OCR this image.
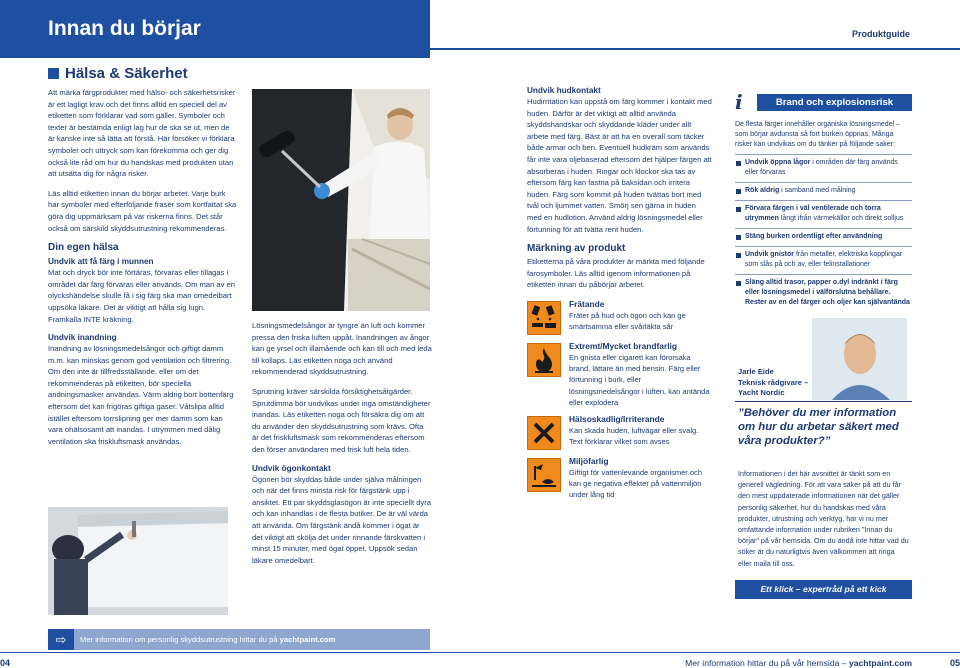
Innan du börjar	Produktguide
Hälsa & Säkerhet

Att märka färgprodukter med hälso- och säkerhetsrisker är ett lagligt krav och det finns alltid en speciell del av etiketten som förklarar vad som gäller. Symboler och texter är bestämda enligt lag hur de ska se ut, men de är kanske inte så lätta att förstå. Här försöker vi förklara symboler och uttryck som kan förekomma och ger dig också lite råd om hur du handskas med produkten utan att utsätta dig för några risker.

Läs alltid etiketten innan du börjar arbetet. Varje burk har symboler med efterföljande fraser som kortfattat ska göra dig uppmärksam på var riskerna finns. Det står också om särskild skyddsutrustning rekommenderas.

Din egen hälsa
Undvik att få färg i munnen

Mat och dryck bör inte förtäras, förvaras eller tillagas i området där färg förvaras eller används. Om man av en olyckshändelse skulle få i sig färg ska man omedelbart uppsöka läkare. Det är viktigt att hålla sig lugn. Framkalla INTE kräkning.

Undvik inandning

Inandning av lösningsmedelsångor och giftigt damm m.m. kan minskas genom god ventilation och filtrering. Om den inte är tillfredsställande, eller om det rekommenderas på etiketten, bör speciella andningsmasker användas. Värm aldrig bort bottenfärg eftersom det kan frigöras giftiga gaser. Våtslipa alltid istället eftersom torrslipning ger mer damm som kan vara ohälsosamt att inandas. I utrymmen med dålig ventilation ska friskluftsmask användas.

Lösningsmedelsångor är tyngre än luft och kommer pressa den friska luften uppåt. Inandningen av ångor kan ge yrsel och illamående och kan till och med leda till kollaps. Läs etiketten noga och använd rekommenderad skyddsutrustning.

Sprutning kräver särskilda försiktighetsåtgärder. Sprutdimma bör undvikas under inga omständigheter inandas. Läs etiketten noga och försäkra dig om att du använder den skyddsutrustning som krävs. Ofta är det friskluftsmask som rekommenderas eftersom den förser användaren med frisk luft hela tiden.

Undvik ögonkontakt

Ögonen bör skyddas både under själva målningen och när det finns minsta risk för färgstänk upp i ansiktet. Ett par skyddsglasögon är inte speciellt dyra och kan inhandlas i de flesta butiker. De är väl värda att använda. Om färgstänk ändå kommer i ögat är det viktigt att skölja det under rinnande färskvatten i minst 15 minuter, med ögat öppet. Uppsök sedan läkare omedelbart.

Undvik hudkontakt

Hudirritation kan uppstå om färg kommer i kontakt med huden. Därför är det viktigt att alltid använda skyddshandskar och skyddande kläder under allt arbete med färg. Bäst är att ha en overall som täcker både armar och ben. Eventuell hudkräm som används får inte vara oljebaserad eftersom det hjälper färgen att absorberas i huden. Ringar och klockor ska tas av eftersom färg kan fastna på baksidan och irritera huden. Färg som kommit på huden tvättas bort med tvål och ljummet vatten. Smörj sen gärna in huden med en hudlotion. Använd aldrig lösningsmedel eller förtunning för att tvätta rent huden.

Märkning av produkt

Etiketterna på våra produkter är märkta med följande farosymboler. Läs alltid igenom informationen på etiketten innan du påbörjar arbetet.

Frätande

Fräter på hud och ögon och kan ge smärtsamma eller svårläkta sår

Extremt/Mycket brandfarlig

En gnista eller cigarett kan förorsaka brand, lättare än med bensin. Färg eller förtunning i burk, eller lösningsmedelsångor i luften, kan antända eller explodera

Hälsoskadlig/Irriterande

Kan skada huden, luftvägar eller svalg. Text förklarar vilket som avses

Miljöfarlig

Giftigt för vattenlevande organismer och kan ge negativa effekter på vattenmiljön under lång tid

i	Brand och explosionsrisk

De flesta färger innehåller organiska lösningsmedel – som börjar avdunsta så fort burken öppnas. Många risker kan undvikas om du tänker på följande saker:

Undvik öppna lågor i områden där färg används eller förvaras
Rök aldrig i samband med målning
Förvara färgen i väl ventilerade och torra utrymmen långt ifrån värmekällor och direkt solljus
Stäng burken ordentligt efter användning
Undvik gnistor från metaller, elektriska kopplingar som slås på och av, eller felinstallationer
Släng alltid trasor, papper o.dyl indränkt i färg eller lösningsmedel i välförslutna behållare. Rester av en del färger och oljer kan självantända
Jarle Eide
Teknisk rådgivare – Yacht Nordic
”Behöver du mer information om hur du arbetar säkert med våra produkter?”
Informationen i det här avsnittet är tänkt som en generell vägledning. För att vara säker på att du får den mest uppdaterade informationen när det gäller personlig säkerhet, hur du handskas med våra produkter, utrustning och verktyg, har vi nu mer omfattande information under rubriken "Innan du börjar" på vår hemsida. Om du ändå inte hittar vad du söker är du naturligtvis även välkommen att ringa eller maila till oss.
Ett klick – expertråd på ett kick
⇨	Mer information om personlig skyddsutrustning hittar du på yachtpaint.com
04	Mer information hittar du på vår hemsida – yachtpaint.com	05
